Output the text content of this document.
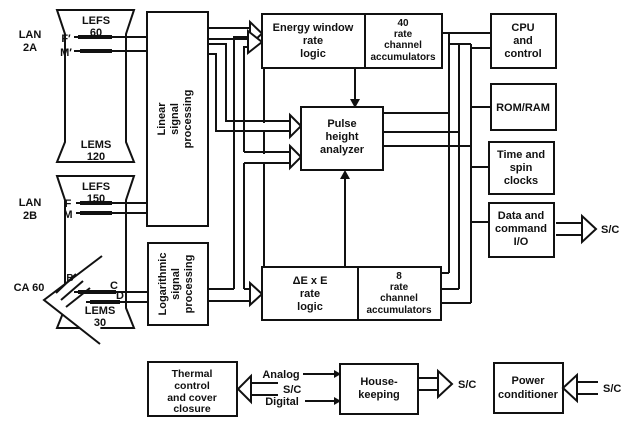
LAN
2A
LEFS
60
F′
M′
LEMS
120
LAN
2B
LEFS
150
F
M
CA 60
B
C
D
LEMS
30
Linear signal processing
Logarithmic signal processing
Energy window
rate
logic
40
rate
channel
accumulators
Pulse
height
analyzer
ΔE x E
rate
logic
8
rate
channel
accumulators
CPU
and
control
ROM/RAM
Time and
spin
clocks
Data and
command
I/O
Thermal
control
and cover
closure
House-
keeping
Power
conditioner
S/C
S/C
Analog
Digital
S/C	S/C
